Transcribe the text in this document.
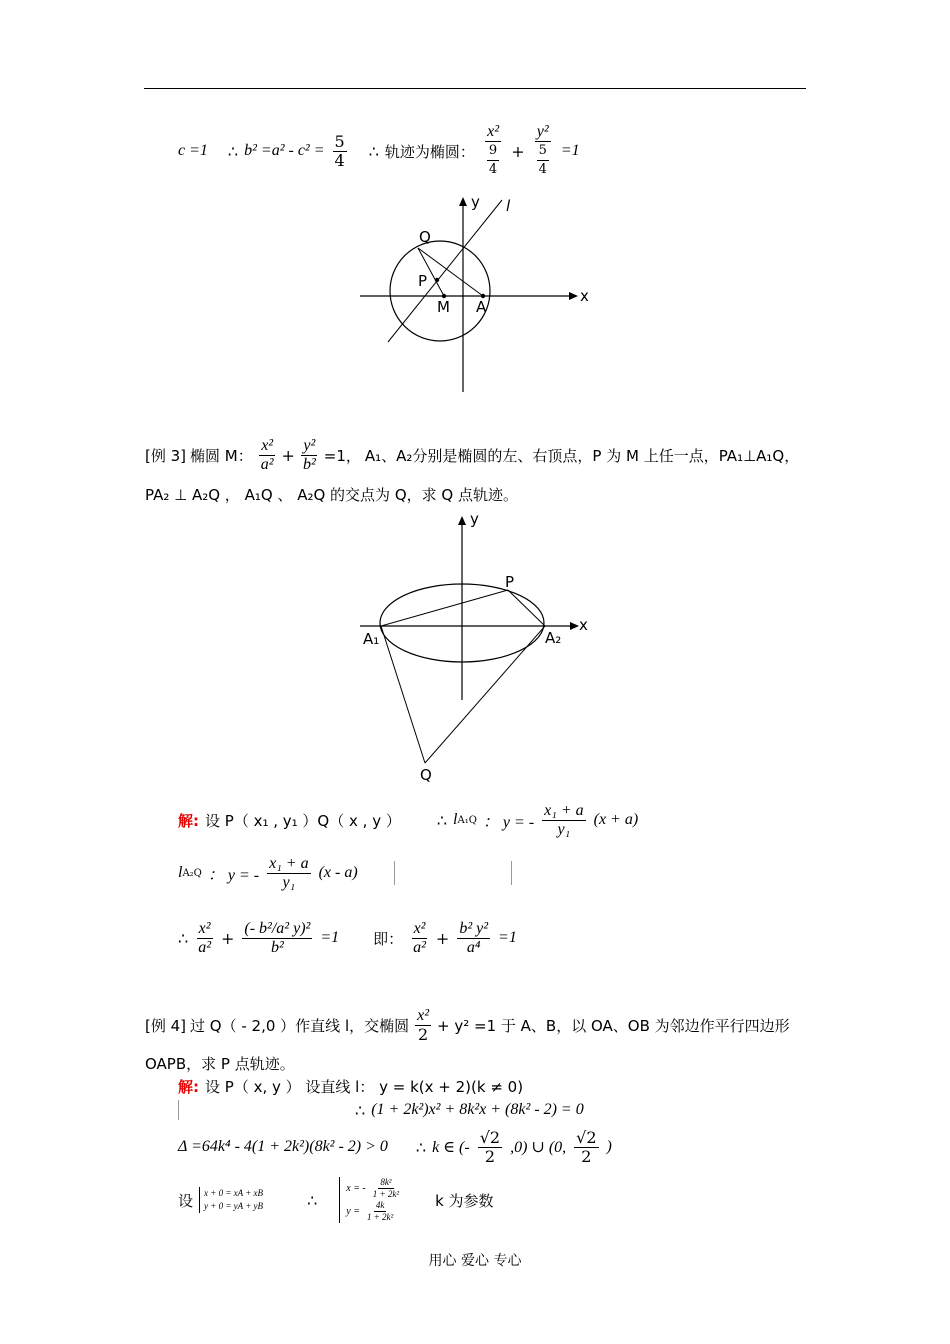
c =1 ∴ $b^2 =a^2 - c^2 = \frac{5}{4}$ ∴ 轨迹为椭圆： $\frac{\text{x²}}{\frac{9}{4}} + \frac{\text{y²}}{\frac{5}{4}} =1$
y l
Q
P
M A
x
[例 3] 椭圆 M： $\frac{\text{x²}}{\text{a²}} + \frac{\text{y²}}{\text{b²}} =1$， A₁、A₂分别是椭圆的左、右顶点，P 为 M 上任一点，PA₁⊥A₁Q，
PA₂ ⊥ A₂Q ， A₁Q 、 A₂Q 的交点为 Q，求 Q 点轨迹。
y
x
P
A₁	A₂
Q
解: 设 P（ x₁ , y₁ ）Q（ x , y ） ∴ l A₁Q ： y = - $\frac{\text{x₁ + a}}{\text{y₁}} (x + a)$
l A₂Q ： y = - $\frac{\text{x₁ + a}}{\text{y₁}} (x - a)$
∴ $\frac{\text{x²}}{\text{a²}} + \frac{\text{(- b²/a² y)²}}{\text{b²}} =1$ 即： $\frac{\text{x²}}{\text{a²}} + \frac{\text{b² y²}}{\text{a⁴}} =1$
[例 4] 过 Q（ - 2,0 ）作直线 l，交椭圆 $\frac{\text{x²}}{2} + y^2 =1$ 于 A、B，以 OA、OB 为邻边作平行四边形
OAPB，求 P 点轨迹。
解: 设 P（ x, y ） 设直线 l： y = k(x + 2)(k ≠ 0)
∴ (1 + 2k²)x² + 8k²x + (8k² - 2) = 0
Δ =64k⁴ - 4(1 + 2k²)(8k² - 2) > 0 ∴ k ∈ (- $\frac{√2}{2} ,0$) ∪ (0, $\frac{√2}{2}$ )
设 x + 0 = xA + xB
y + 0 = yA + yB	∴
x = - $\frac{\text{8k²}}{\text{1 + 2k²}}$
$y = \frac{4k}{\text{1 + 2k²}}$	k 为参数
用心 爱心 专心
